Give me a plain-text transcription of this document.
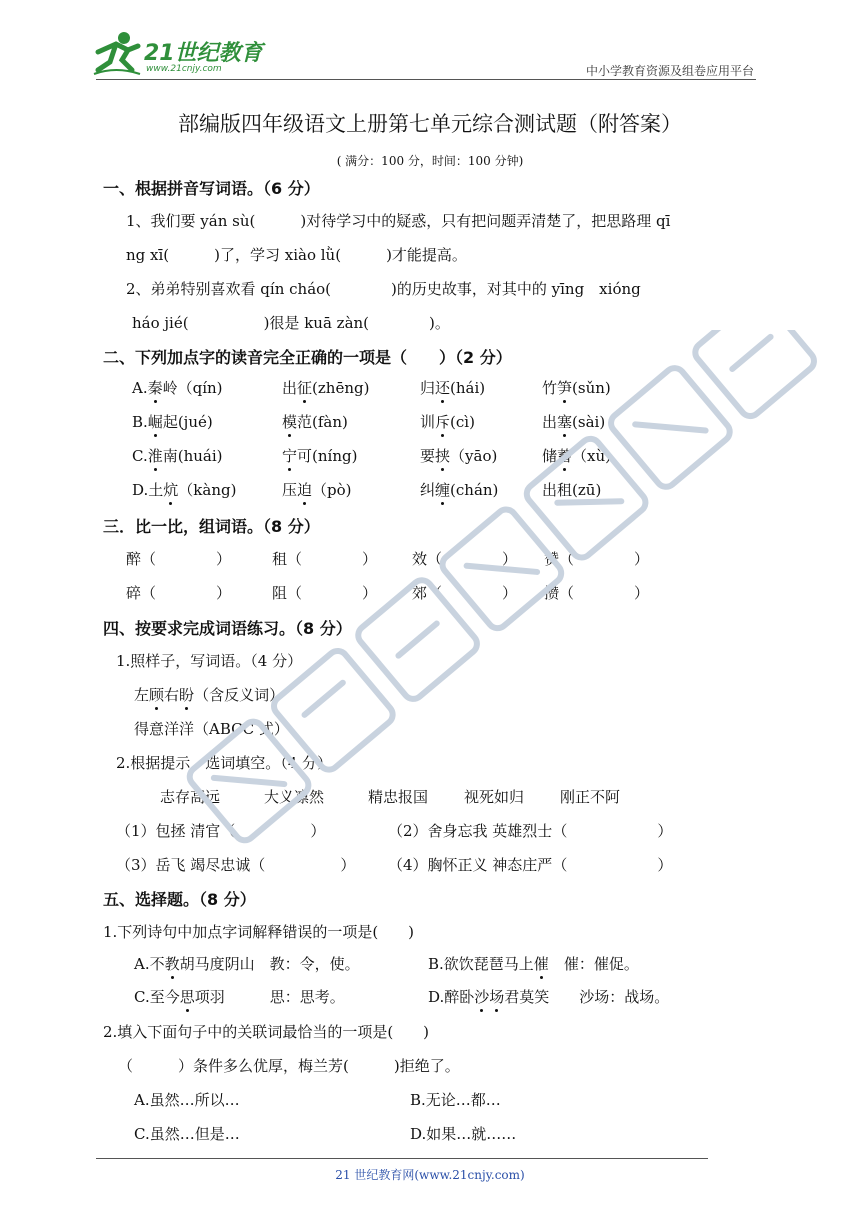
21世纪教育
www.21cnjy.com	中小学教育资源及组卷应用平台
部编版四年级语文上册第七单元综合测试题（附答案）
( 满分：100 分，时间：100 分钟)
一、根据拼音写词语。（6 分）
1、我们要 yán sù(　　　)对待学习中的疑惑，只有把问题弄清楚了，把思路理 qī
ng xī(　　　)了，学习 xiào lǜ(　　　)才能提高。
2、弟弟特别喜欢看 qín cháo(　　　　)的历史故事，对其中的 yīng　xióng
háo jié(　　　　　)很是 kuā zàn(　　　　)。
二、下列加点字的读音完全正确的一项是（　　）（2 分）
A.秦岭（qín)	出征(zhēng)	归还(hái)	竹笋(sǔn)
B.崛起(jué)	模范(fàn)	训斥(cì)	出塞(sài)
C.淮南(huái)	宁可(níng)	要挟（yāo)	储蓄（xù)
D.土炕（kàng)	压迫（pò)	纠缠(chán)	出租(zū)
三．比一比，组词语。（8 分）
醉（　　　　）	租（　　　　） 效（　　　　） 赞（　　　　）
碎（　　　　）	阻（　　　　） 郊（　　　　） 攒（　　　　）
四、按要求完成词语练习。（8 分）
1.照样子，写词语。（4 分）
左顾右盼（含反义词）
得意洋洋（ABCC 式）
2.根据提示，选词填空。（4 分）
志存高远	大义凛然	精忠报国 视死如归 刚正不阿
（1）包拯 清官（　　　　　）	（2）舍身忘我 英雄烈士（　　　　　　）
（3）岳飞 竭尽忠诚（　　　　　） （4）胸怀正义 神态庄严（　　　　　　）
五、选择题。（8 分）
1.下列诗句中加点字词解释错误的一项是(　　)
A.不教胡马度阴山　教：令，使。	B.欲饮琵琶马上催　催：催促。
C.至今思项羽　　　思：思考。	D.醉卧沙场君莫笑　　沙场：战场。
2.填入下面句子中的关联词最恰当的一项是(　　)
（　　　）条件多么优厚，梅兰芳(　　　)拒绝了。
A.虽然…所以…	B.无论…都…
C.虽然…但是…	D.如果…就……
21 世纪教育网(www.21cnjy.com)
